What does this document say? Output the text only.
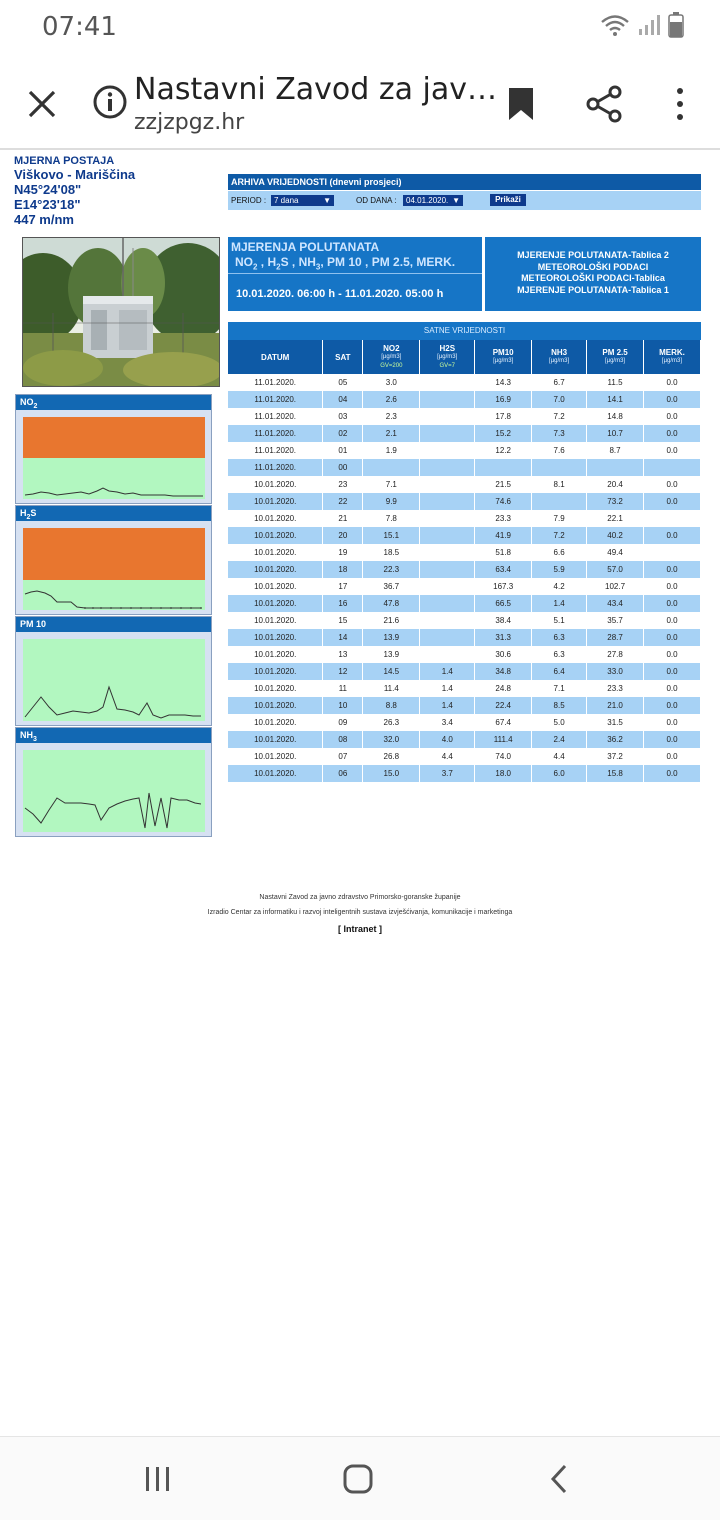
07:41
Nastavni Zavod za jav…
zzjzpgz.hr
MJERNA POSTAJA
Viškovo - Mariščina
N45°24'08"
E14°23'18"
447 m/nm
$NO_2$
$H_2S$
PM 10
$NH_3$
ARHIVA VRIJEDNOSTI (dnevni prosjeci)
PERIOD : 7 dana	▼	OD DANA :	04.01.2020. ▼	Prikaži
MJERENJA POLUTANATA
$NO_2$ , $H_2S$ , $NH_3$, PM 10 , PM 2.5, MERK.
10.01.2020. 06:00 h - 11.01.2020. 05:00 h
MJERENJE POLUTANATA-Tablica 2
METEOROLOŠKI PODACI
METEOROLOŠKI PODACI-Tablica
MJERENJE POLUTANATA-Tablica 1
SATNE VRIJEDNOSTI
DATUM	SAT	NO2
[µg/m3]
GV=200	H2S
[µg/m3]
GV=7	PM10
[µg/m3]	NH3
[µg/m3]	PM 2.5
[µg/m3]	MERK.
[µg/m3]

11.01.2020.	05	3.0		14.3	6.7	11.5	0.0
11.01.2020.	04	2.6		16.9	7.0	14.1	0.0
11.01.2020.	03	2.3		17.8	7.2	14.8	0.0
11.01.2020.	02	2.1		15.2	7.3	10.7	0.0
11.01.2020.	01	1.9		12.2	7.6	8.7	0.0
11.01.2020.	00						
10.01.2020.	23	7.1		21.5	8.1	20.4	0.0
10.01.2020.	22	9.9		74.6		73.2	0.0
10.01.2020.	21	7.8		23.3	7.9	22.1	
10.01.2020.	20	15.1		41.9	7.2	40.2	0.0
10.01.2020.	19	18.5		51.8	6.6	49.4	
10.01.2020.	18	22.3		63.4	5.9	57.0	0.0
10.01.2020.	17	36.7		167.3	4.2	102.7	0.0
10.01.2020.	16	47.8		66.5	1.4	43.4	0.0
10.01.2020.	15	21.6		38.4	5.1	35.7	0.0
10.01.2020.	14	13.9		31.3	6.3	28.7	0.0
10.01.2020.	13	13.9		30.6	6.3	27.8	0.0
10.01.2020.	12	14.5	1.4	34.8	6.4	33.0	0.0
10.01.2020.	11	11.4	1.4	24.8	7.1	23.3	0.0
10.01.2020.	10	8.8	1.4	22.4	8.5	21.0	0.0
10.01.2020.	09	26.3	3.4	67.4	5.0	31.5	0.0
10.01.2020.	08	32.0	4.0	111.4	2.4	36.2	0.0
10.01.2020.	07	26.8	4.4	74.0	4.4	37.2	0.0
10.01.2020.	06	15.0	3.7	18.0	6.0	15.8	0.0
Nastavni Zavod za javno zdravstvo Primorsko-goranske županije
Izradio Centar za informatiku i razvoj inteligentnih sustava izvješćivanja, komunikacije i marketinga
[ Intranet ]
